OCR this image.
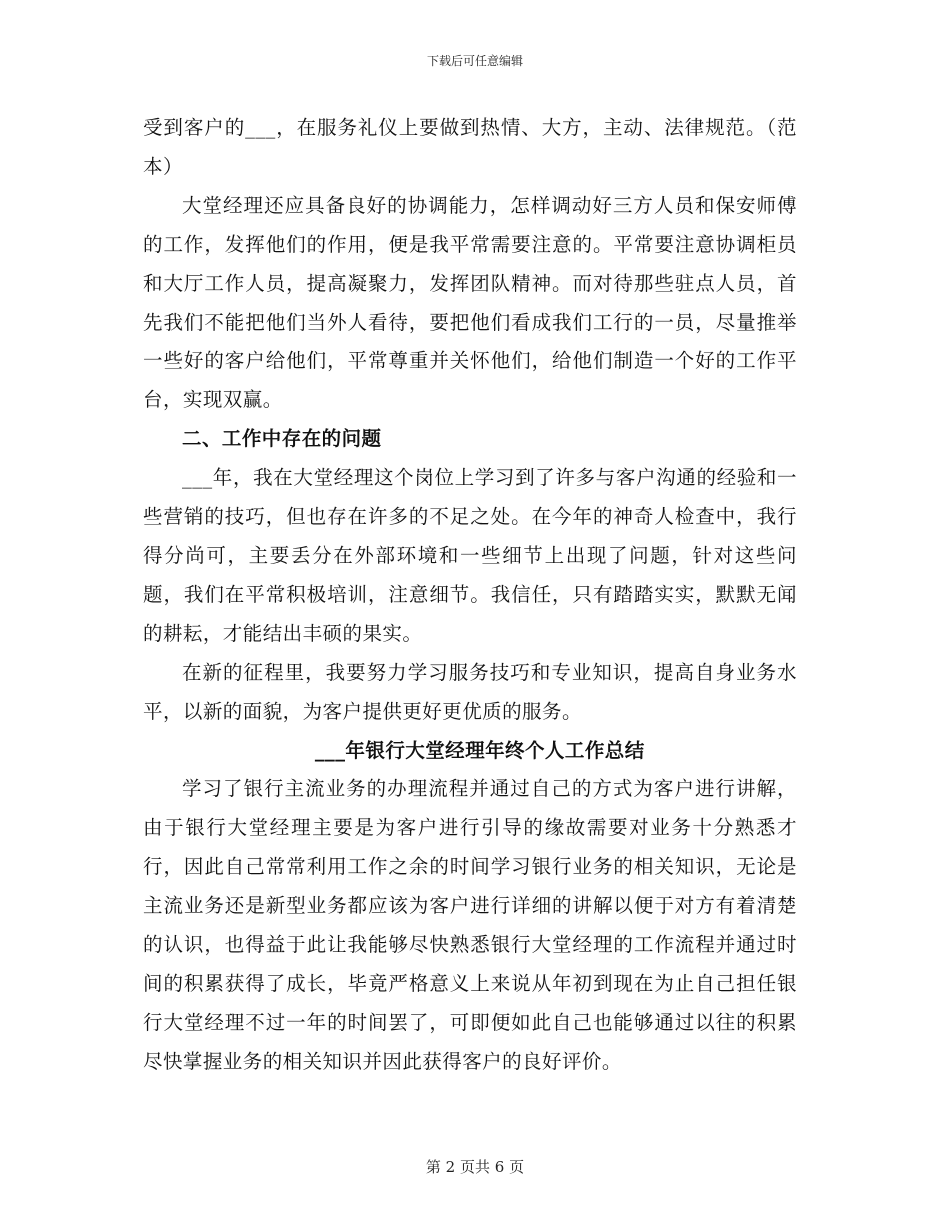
下载后可任意编辑

受到客户的___，在服务礼仪上要做到热情、大方，主动、法律规范。（范本）

大堂经理还应具备良好的协调能力，怎样调动好三方人员和保安师傅的工作，发挥他们的作用，便是我平常需要注意的。平常要注意协调柜员和大厅工作人员，提高凝聚力，发挥团队精神。而对待那些驻点人员，首先我们不能把他们当外人看待，要把他们看成我们工行的一员，尽量推举一些好的客户给他们，平常尊重并关怀他们，给他们制造一个好的工作平台，实现双赢。

二、工作中存在的问题

___年，我在大堂经理这个岗位上学习到了许多与客户沟通的经验和一些营销的技巧，但也存在许多的不足之处。在今年的神奇人检查中，我行得分尚可，主要丢分在外部环境和一些细节上出现了问题，针对这些问题，我们在平常积极培训，注意细节。我信任，只有踏踏实实，默默无闻的耕耘，才能结出丰硕的果实。

在新的征程里，我要努力学习服务技巧和专业知识，提高自身业务水平，以新的面貌，为客户提供更好更优质的服务。

___年银行大堂经理年终个人工作总结

学习了银行主流业务的办理流程并通过自己的方式为客户进行讲解，由于银行大堂经理主要是为客户进行引导的缘故需要对业务十分熟悉才行，因此自己常常利用工作之余的时间学习银行业务的相关知识，无论是主流业务还是新型业务都应该为客户进行详细的讲解以便于对方有着清楚的认识，也得益于此让我能够尽快熟悉银行大堂经理的工作流程并通过时间的积累获得了成长，毕竟严格意义上来说从年初到现在为止自己担任银行大堂经理不过一年的时间罢了，可即便如此自己也能够通过以往的积累尽快掌握业务的相关知识并因此获得客户的良好评价。

第 2 页共 6 页
